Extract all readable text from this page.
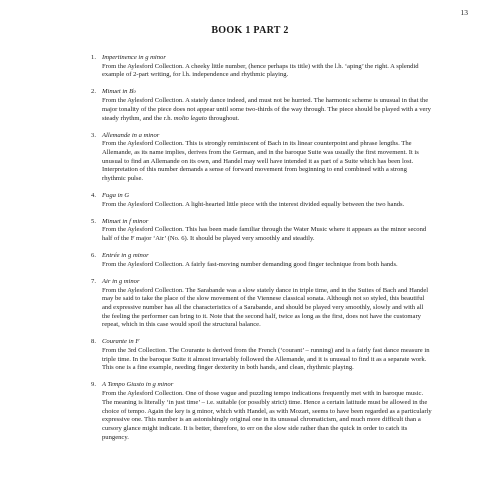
13
BOOK 1 PART 2
1. Impertinence in g minor
From the Aylesford Collection. A cheeky little number, (hence perhaps its title) with the l.h. ‘aping’ the right. A splendid example of 2-part writing, for l.h. independence and rhythmic playing.
2. Minuet in B♭
From the Aylesford Collection. A stately dance indeed, and must not be hurried. The harmonic scheme is unusual in that the major tonality of the piece does not appear until some two-thirds of the way through. The piece should be played with a very steady rhythm, and the r.h. molto legato throughout.
3. Allemande in a minor
From the Aylesford Collection. This is strongly reminiscent of Bach in its linear counterpoint and phrase lengths. The Allemande, as its name implies, derives from the German, and in the baroque Suite was usually the first movement. It is unusual to find an Allemande on its own, and Handel may well have intended it as part of a Suite which has been lost. Interpretation of this number demands a sense of forward movement from beginning to end combined with a strong rhythmic pulse.
4. Fuga in G
From the Aylesford Collection. A light-hearted little piece with the interest divided equally between the two hands.
5. Minuet in f minor
From the Aylesford Collection. This has been made familiar through the Water Music where it appears as the minor second half of the F major ‘Air’ (No. 6). It should be played very smoothly and steadily.
6. Entrée in g minor
From the Aylesford Collection. A fairly fast-moving number demanding good finger technique from both hands.
7. Air in g minor
From the Aylesford Collection. The Sarabande was a slow stately dance in triple time, and in the Suites of Bach and Handel may be said to take the place of the slow movement of the Viennese classical sonata. Although not so styled, this beautiful and expressive number has all the characteristics of a Sarabande, and should be played very smoothly, slowly and with all the feeling the performer can bring to it. Note that the second half, twice as long as the first, does not have the customary repeat, which in this case would spoil the structural balance.
8. Courante in F
From the 3rd Collection. The Courante is derived from the French (‘courant’ – running) and is a fairly fast dance measure in triple time. In the baroque Suite it almost invariably followed the Allemande, and it is unusual to find it as a separate work. This one is a fine example, needing finger dexterity in both hands, and clean, rhythmic playing.
9. A Tempo Giusto in g minor
From the Aylesford Collection. One of those vague and puzzling tempo indications frequently met with in baroque music. The meaning is literally ‘in just time’ – i.e. suitable (or possibly strict) time. Hence a certain latitude must be allowed in the choice of tempo. Again the key is g minor, which with Handel, as with Mozart, seems to have been regarded as a particularly expressive one. This number is an astonishingly original one in its unusual chromaticism, and much more difficult than a cursory glance might indicate. It is better, therefore, to err on the slow side rather than the quick in order to catch its pungency.
